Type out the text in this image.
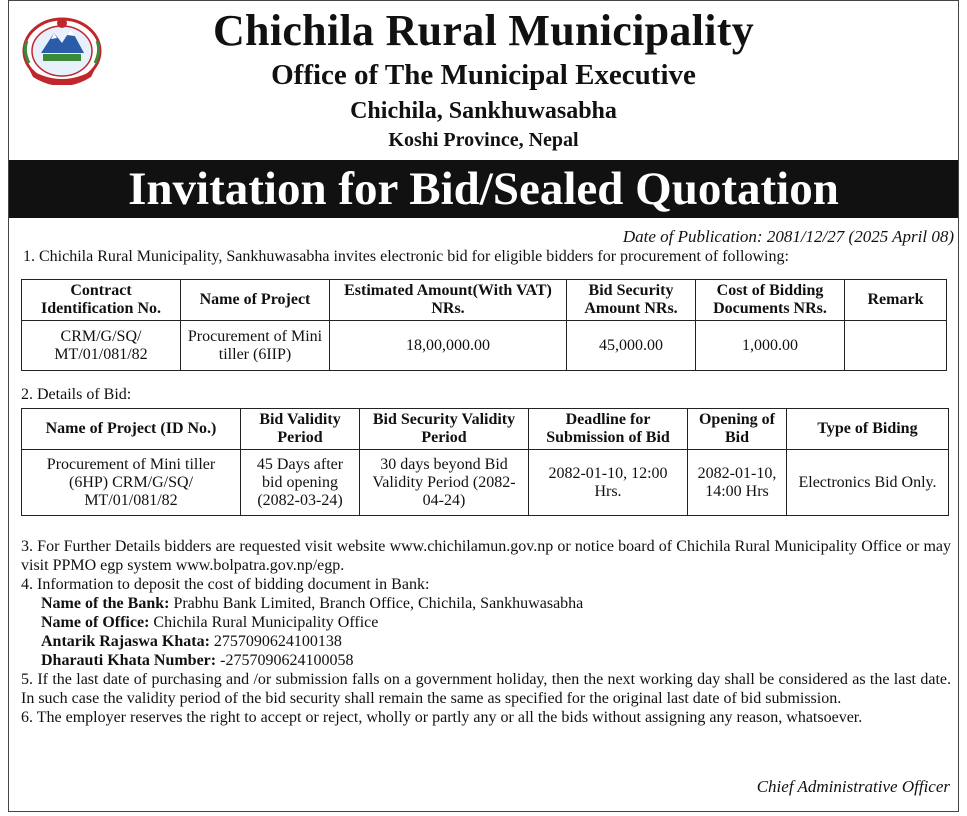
Chichila Rural Municipality
Office of The Municipal Executive
Chichila, Sankhuwasabha
Koshi Province, Nepal
Invitation for Bid/Sealed Quotation
Date of Publication: 2081/12/27 (2025 April 08)
1. Chichila Rural Municipality, Sankhuwasabha invites electronic bid for eligible bidders for procurement of following:
Contract Identification No.	Name of Project	Estimated Amount(With VAT) NRs.	Bid Security Amount NRs.	Cost of Bidding Documents NRs.	Remark
CRM/G/SQ/ MT/01/081/82	Procurement of Mini tiller (6IIP)	18,00,000.00	45,000.00	1,000.00	
2. Details of Bid:
Name of Project (ID No.)	Bid Validity Period	Bid Security Validity Period	Deadline for Submission of Bid	Opening of Bid	Type of Biding
Procurement of Mini tiller (6HP) CRM/G/SQ/ MT/01/081/82	45 Days after bid opening (2082-03-24)	30 days beyond Bid Validity Period (2082-04-24)	2082-01-10, 12:00 Hrs.	2082-01-10, 14:00 Hrs	Electronics Bid Only.

3. For Further Details bidders are requested visit website www.chichilamun.gov.np or notice board of Chichila Rural Municipality Office or may visit PPMO egp system www.bolpatra.gov.np/egp.

4. Information to deposit the cost of bidding document in Bank:

Name of the Bank: Prabhu Bank Limited, Branch Office, Chichila, Sankhuwasabha

Name of Office: Chichila Rural Municipality Office

Antarik Rajaswa Khata: 2757090624100138

Dharauti Khata Number: -2757090624100058

5. If the last date of purchasing and /or submission falls on a government holiday, then the next working day shall be considered as the last date. In such case the validity period of the bid security shall remain the same as specified for the original last date of bid submission.

6. The employer reserves the right to accept or reject, wholly or partly any or all the bids without assigning any reason, whatsoever.

Chief Administrative Officer
